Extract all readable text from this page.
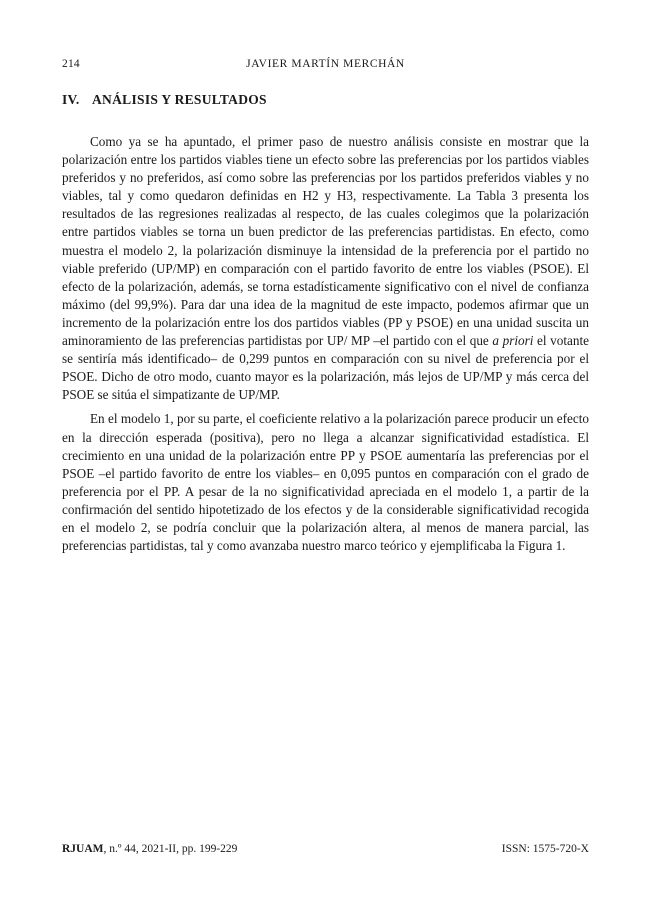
214	JAVIER MARTÍN MERCHÁN
IV. ANÁLISIS Y RESULTADOS

Como ya se ha apuntado, el primer paso de nuestro análisis consiste en mostrar que la polarización entre los partidos viables tiene un efecto sobre las preferencias por los partidos viables preferidos y no preferidos, así como sobre las preferencias por los partidos preferidos viables y no viables, tal y como quedaron definidas en H2 y H3, respectivamente. La Tabla 3 presenta los resultados de las regresiones realizadas al respecto, de las cuales colegimos que la polarización entre partidos viables se torna un buen predictor de las preferencias partidistas. En efecto, como muestra el modelo 2, la polarización disminuye la intensidad de la preferencia por el partido no viable preferido (UP/MP) en comparación con el partido favorito de entre los viables (PSOE). El efecto de la polarización, además, se torna estadísticamente significativo con el nivel de confianza máximo (del 99,9%). Para dar una idea de la magnitud de este impacto, podemos afirmar que un incremento de la polarización entre los dos partidos viables (PP y PSOE) en una unidad suscita un aminoramiento de las preferencias partidistas por UP/ MP –el partido con el que a priori el votante se sentiría más identificado– de 0,299 puntos en comparación con su nivel de preferencia por el PSOE. Dicho de otro modo, cuanto mayor es la polarización, más lejos de UP/MP y más cerca del PSOE se sitúa el simpatizante de UP/MP.

En el modelo 1, por su parte, el coeficiente relativo a la polarización parece producir un efecto en la dirección esperada (positiva), pero no llega a alcanzar significatividad estadística. El crecimiento en una unidad de la polarización entre PP y PSOE aumentaría las preferencias por el PSOE –el partido favorito de entre los viables– en 0,095 puntos en comparación con el grado de preferencia por el PP. A pesar de la no significatividad apreciada en el modelo 1, a partir de la confirmación del sentido hipotetizado de los efectos y de la considerable significatividad recogida en el modelo 2, se podría concluir que la polarización altera, al menos de manera parcial, las preferencias partidistas, tal y como avanzaba nuestro marco teórico y ejemplificaba la Figura 1.

RJUAM, n.º 44, 2021-II, pp. 199-229	ISSN: 1575-720-X
